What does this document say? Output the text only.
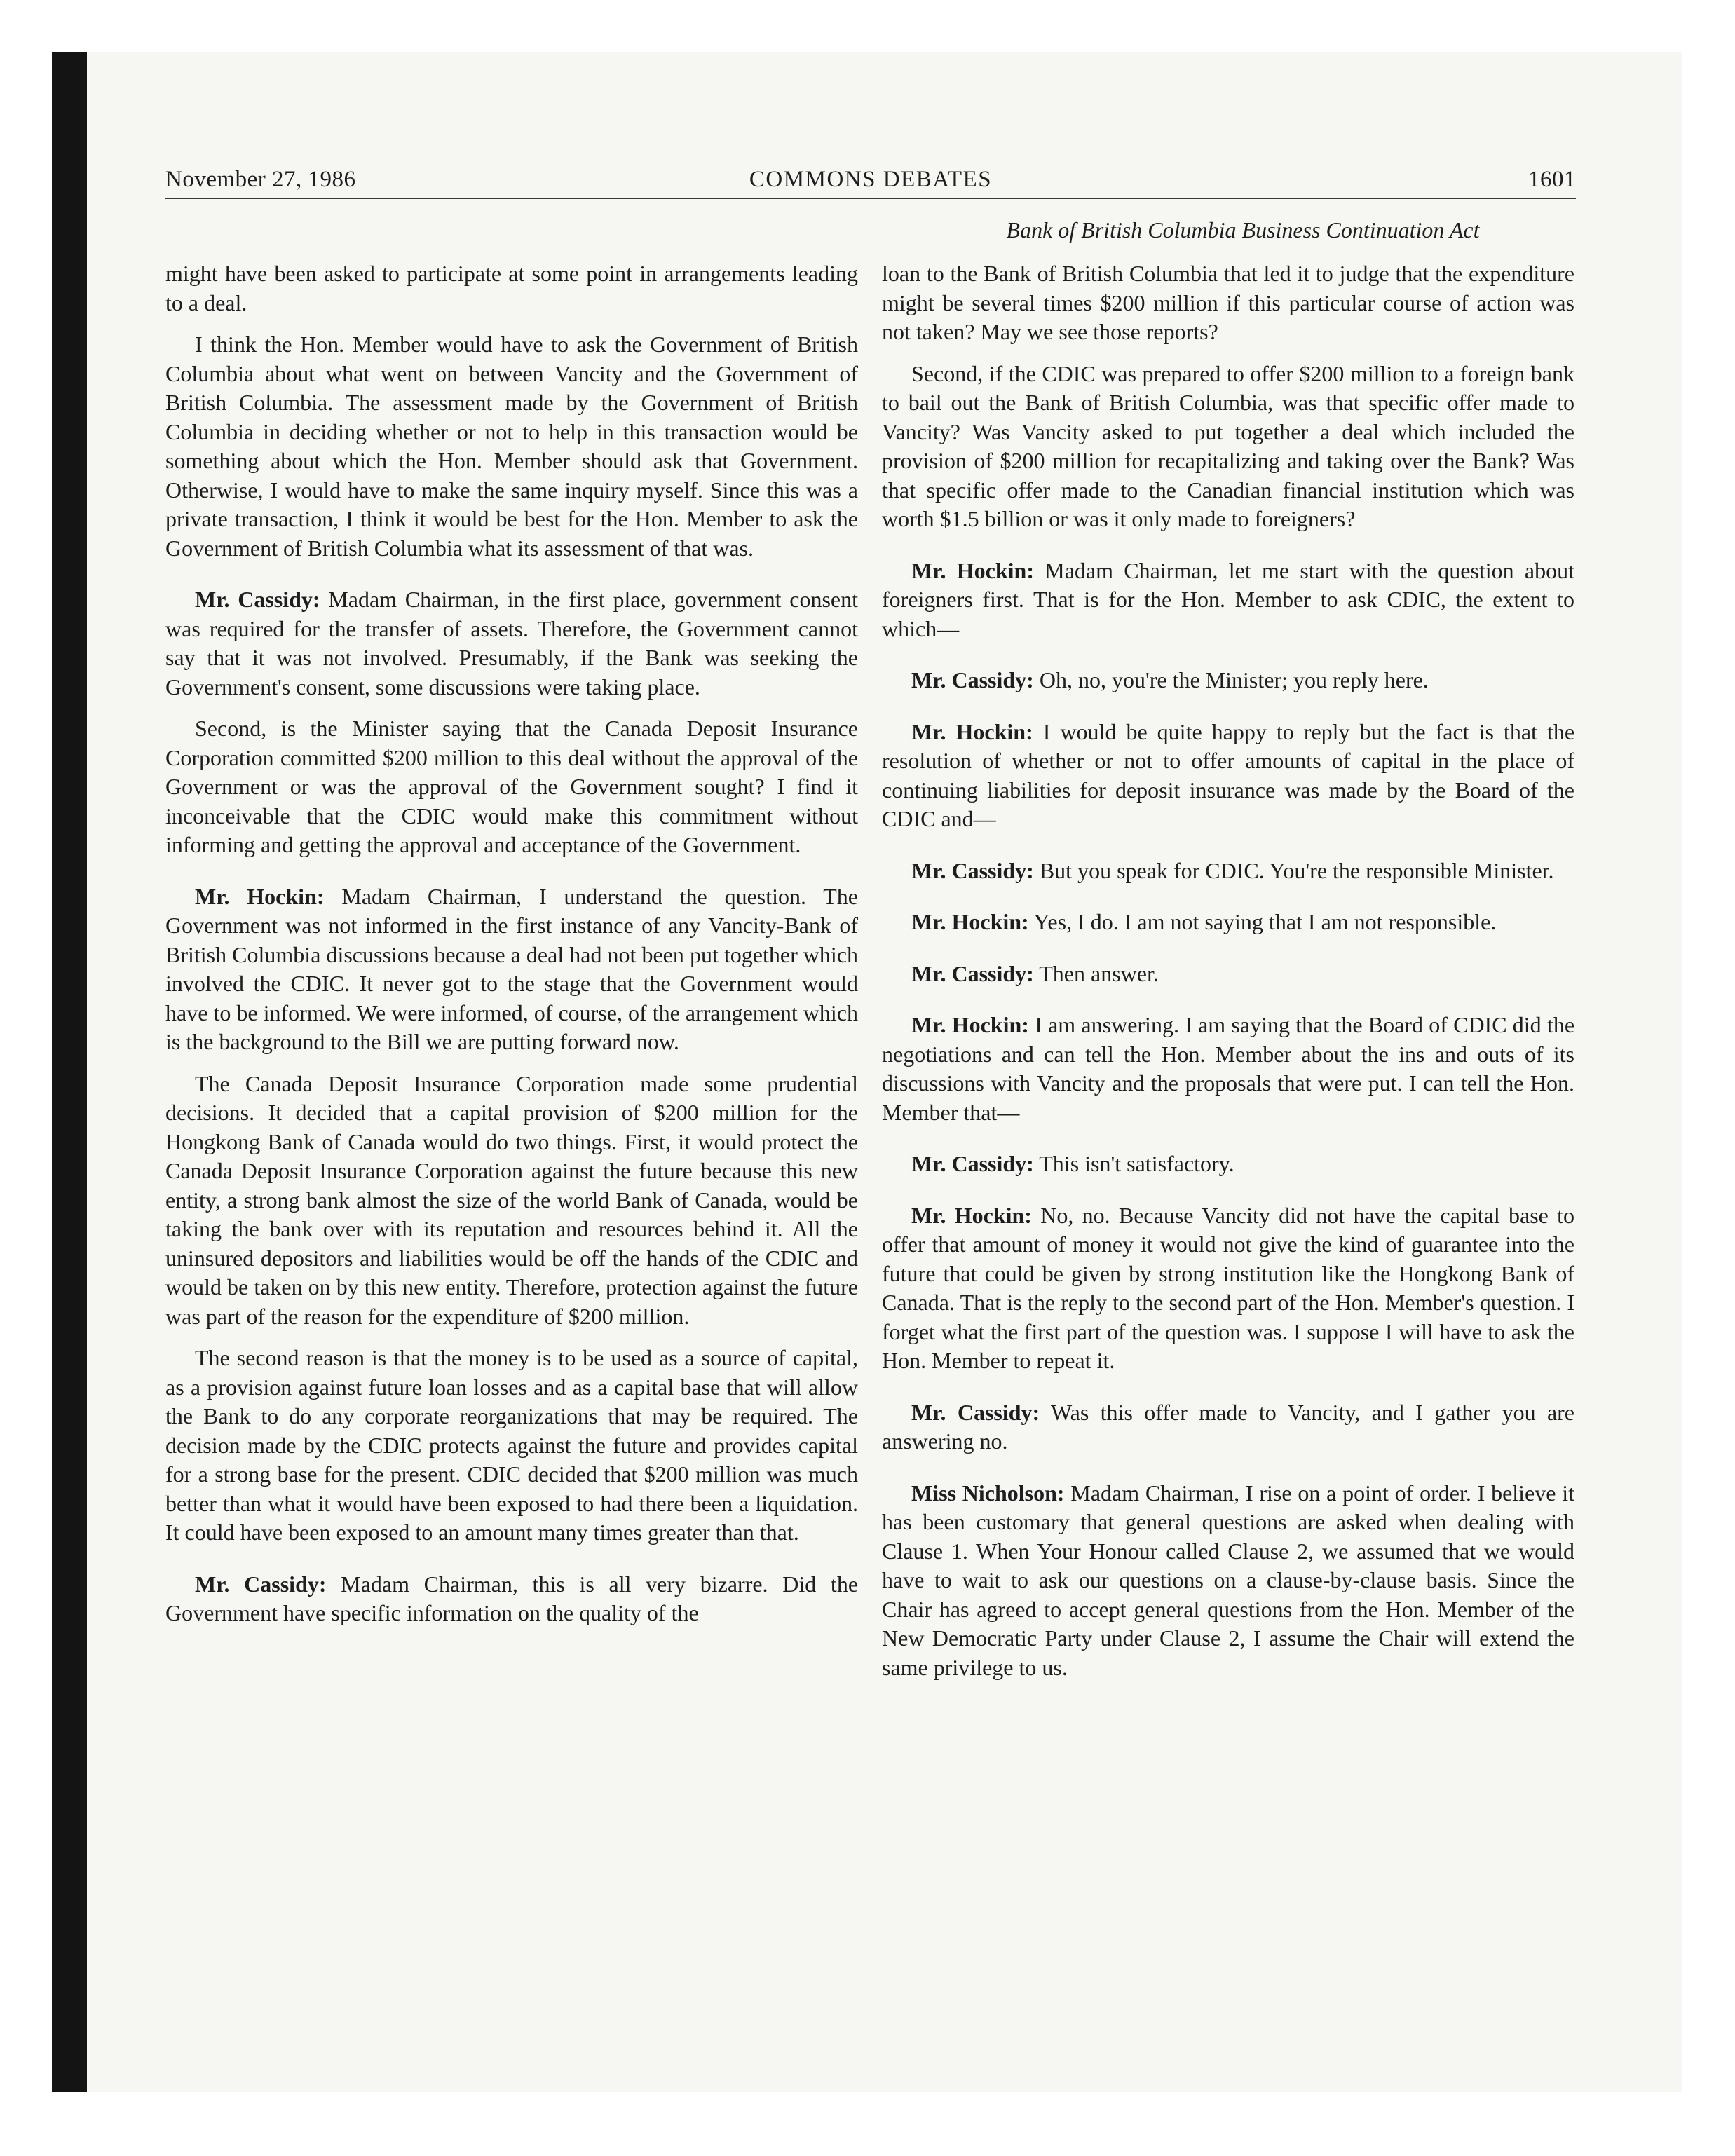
November 27, 1986	COMMONS DEBATES	1601
Bank of British Columbia Business Continuation Act

might have been asked to participate at some point in arrangements leading to a deal.

I think the Hon. Member would have to ask the Government of British Columbia about what went on between Vancity and the Government of British Columbia. The assessment made by the Government of British Columbia in deciding whether or not to help in this transaction would be something about which the Hon. Member should ask that Government. Otherwise, I would have to make the same inquiry myself. Since this was a private transaction, I think it would be best for the Hon. Member to ask the Government of British Columbia what its assessment of that was.

Mr. Cassidy: Madam Chairman, in the first place, government consent was required for the transfer of assets. Therefore, the Government cannot say that it was not involved. Presumably, if the Bank was seeking the Government's consent, some discussions were taking place.

Second, is the Minister saying that the Canada Deposit Insurance Corporation committed $200 million to this deal without the approval of the Government or was the approval of the Government sought? I find it inconceivable that the CDIC would make this commitment without informing and getting the approval and acceptance of the Government.

Mr. Hockin: Madam Chairman, I understand the question. The Government was not informed in the first instance of any Vancity-Bank of British Columbia discussions because a deal had not been put together which involved the CDIC. It never got to the stage that the Government would have to be informed. We were informed, of course, of the arrangement which is the background to the Bill we are putting forward now.

The Canada Deposit Insurance Corporation made some prudential decisions. It decided that a capital provision of $200 million for the Hongkong Bank of Canada would do two things. First, it would protect the Canada Deposit Insurance Corporation against the future because this new entity, a strong bank almost the size of the world Bank of Canada, would be taking the bank over with its reputation and resources behind it. All the uninsured depositors and liabilities would be off the hands of the CDIC and would be taken on by this new entity. Therefore, protection against the future was part of the reason for the expenditure of $200 million.

The second reason is that the money is to be used as a source of capital, as a provision against future loan losses and as a capital base that will allow the Bank to do any corporate reorganizations that may be required. The decision made by the CDIC protects against the future and provides capital for a strong base for the present. CDIC decided that $200 million was much better than what it would have been exposed to had there been a liquidation. It could have been exposed to an amount many times greater than that.

Mr. Cassidy: Madam Chairman, this is all very bizarre. Did the Government have specific information on the quality of the

loan to the Bank of British Columbia that led it to judge that the expenditure might be several times $200 million if this particular course of action was not taken? May we see those reports?

Second, if the CDIC was prepared to offer $200 million to a foreign bank to bail out the Bank of British Columbia, was that specific offer made to Vancity? Was Vancity asked to put together a deal which included the provision of $200 million for recapitalizing and taking over the Bank? Was that specific offer made to the Canadian financial institution which was worth $1.5 billion or was it only made to foreigners?

Mr. Hockin: Madam Chairman, let me start with the question about foreigners first. That is for the Hon. Member to ask CDIC, the extent to which—

Mr. Cassidy: Oh, no, you're the Minister; you reply here.

Mr. Hockin: I would be quite happy to reply but the fact is that the resolution of whether or not to offer amounts of capital in the place of continuing liabilities for deposit insurance was made by the Board of the CDIC and—

Mr. Cassidy: But you speak for CDIC. You're the responsible Minister.

Mr. Hockin: Yes, I do. I am not saying that I am not responsible.

Mr. Cassidy: Then answer.

Mr. Hockin: I am answering. I am saying that the Board of CDIC did the negotiations and can tell the Hon. Member about the ins and outs of its discussions with Vancity and the proposals that were put. I can tell the Hon. Member that—

Mr. Cassidy: This isn't satisfactory.

Mr. Hockin: No, no. Because Vancity did not have the capital base to offer that amount of money it would not give the kind of guarantee into the future that could be given by strong institution like the Hongkong Bank of Canada. That is the reply to the second part of the Hon. Member's question. I forget what the first part of the question was. I suppose I will have to ask the Hon. Member to repeat it.

Mr. Cassidy: Was this offer made to Vancity, and I gather you are answering no.

Miss Nicholson: Madam Chairman, I rise on a point of order. I believe it has been customary that general questions are asked when dealing with Clause 1. When Your Honour called Clause 2, we assumed that we would have to wait to ask our questions on a clause-by-clause basis. Since the Chair has agreed to accept general questions from the Hon. Member of the New Democratic Party under Clause 2, I assume the Chair will extend the same privilege to us.
